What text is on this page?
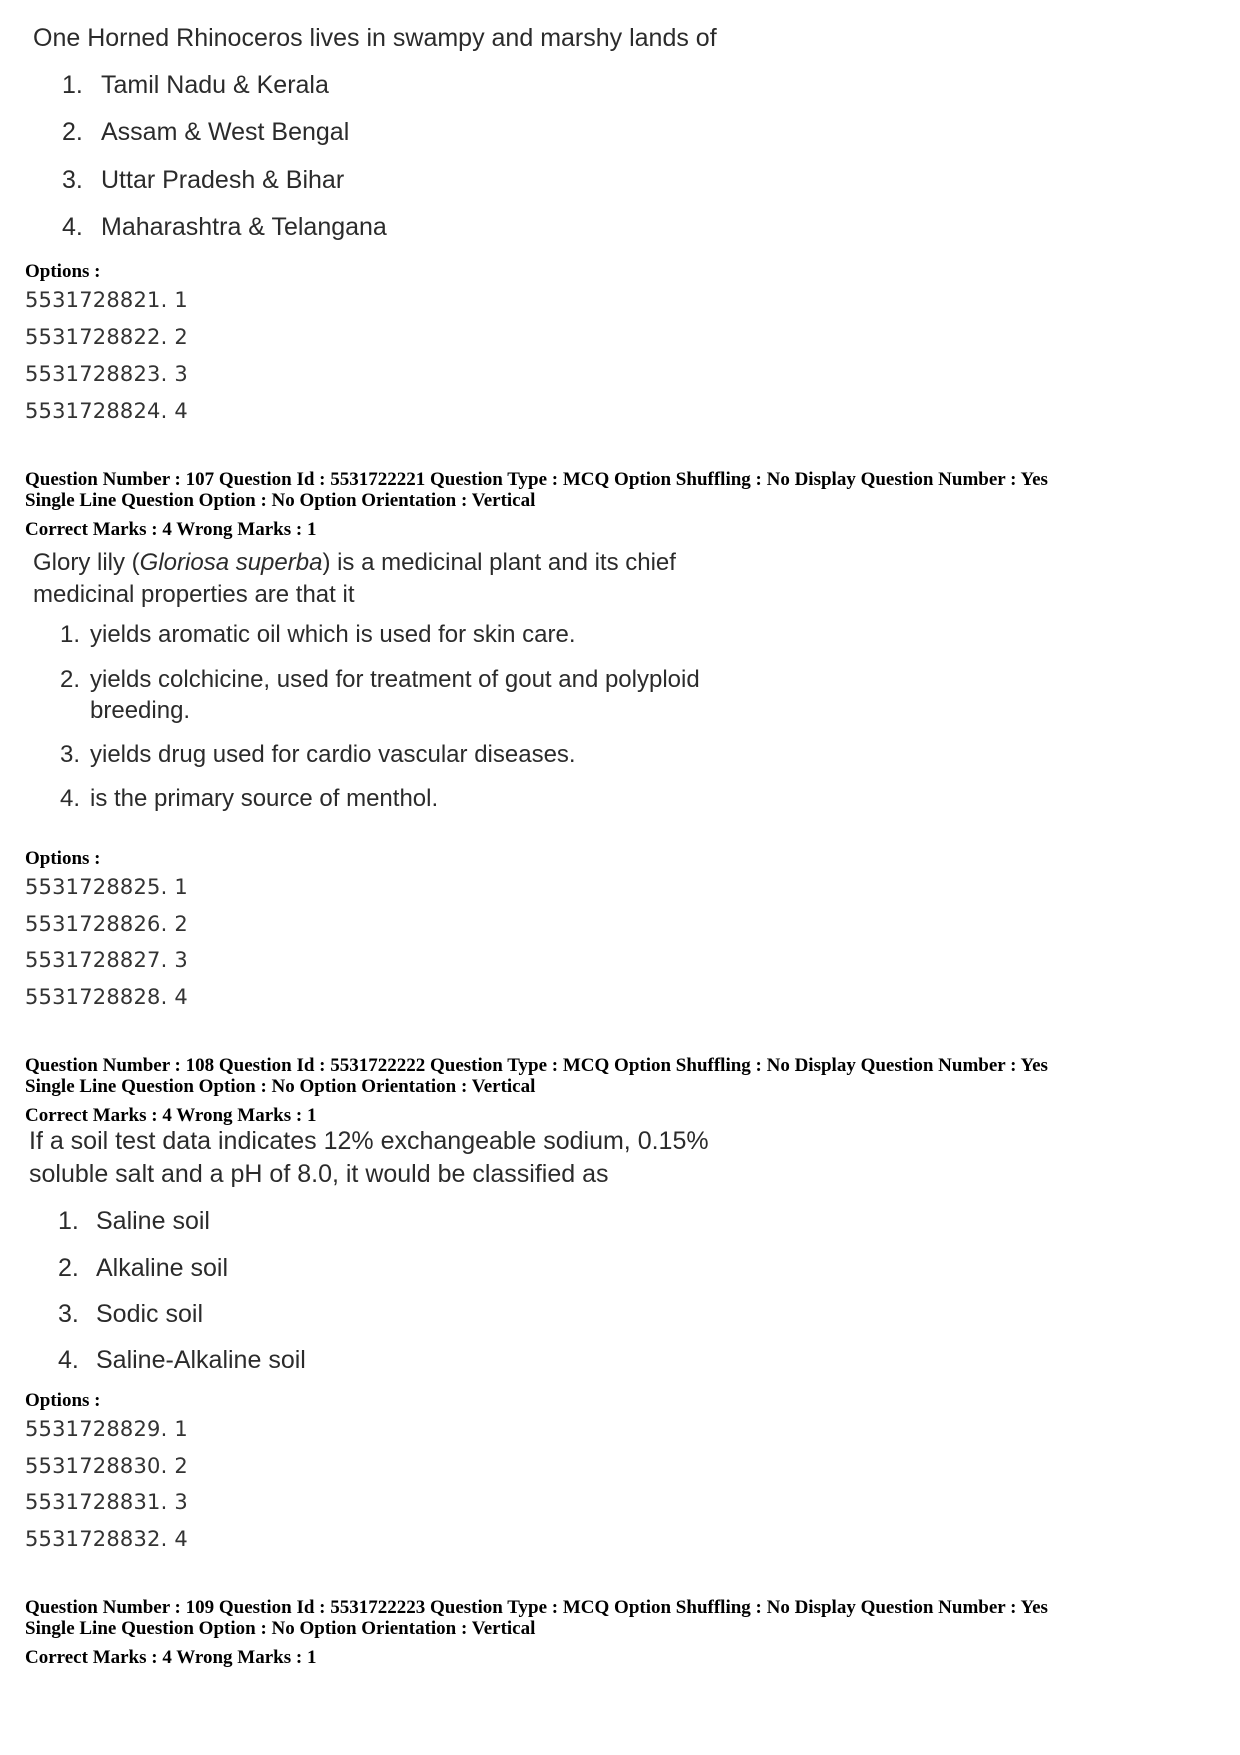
One Horned Rhinoceros lives in swampy and marshy lands of
1. Tamil Nadu & Kerala
2. Assam & West Bengal
3. Uttar Pradesh & Bihar
4. Maharashtra & Telangana
Options :
5531728821. 1
5531728822. 2
5531728823. 3
5531728824. 4
Question Number : 107 Question Id : 5531722221 Question Type : MCQ Option Shuffling : No Display Question Number : Yes
Single Line Question Option : No Option Orientation : Vertical
Correct Marks : 4 Wrong Marks : 1
Glory lily (Gloriosa superba) is a medicinal plant and its chief
medicinal properties are that it
1. yields aromatic oil which is used for skin care.
2. yields colchicine, used for treatment of gout and polyploid
breeding.
3. yields drug used for cardio vascular diseases.
4. is the primary source of menthol.
Options :
5531728825. 1
5531728826. 2
5531728827. 3
5531728828. 4
Question Number : 108 Question Id : 5531722222 Question Type : MCQ Option Shuffling : No Display Question Number : Yes
Single Line Question Option : No Option Orientation : Vertical
Correct Marks : 4 Wrong Marks : 1
If a soil test data indicates 12% exchangeable sodium, 0.15%
soluble salt and a pH of 8.0, it would be classified as
1. Saline soil
2. Alkaline soil
3. Sodic soil
4. Saline-Alkaline soil
Options :
5531728829. 1
5531728830. 2
5531728831. 3
5531728832. 4
Question Number : 109 Question Id : 5531722223 Question Type : MCQ Option Shuffling : No Display Question Number : Yes
Single Line Question Option : No Option Orientation : Vertical
Correct Marks : 4 Wrong Marks : 1
